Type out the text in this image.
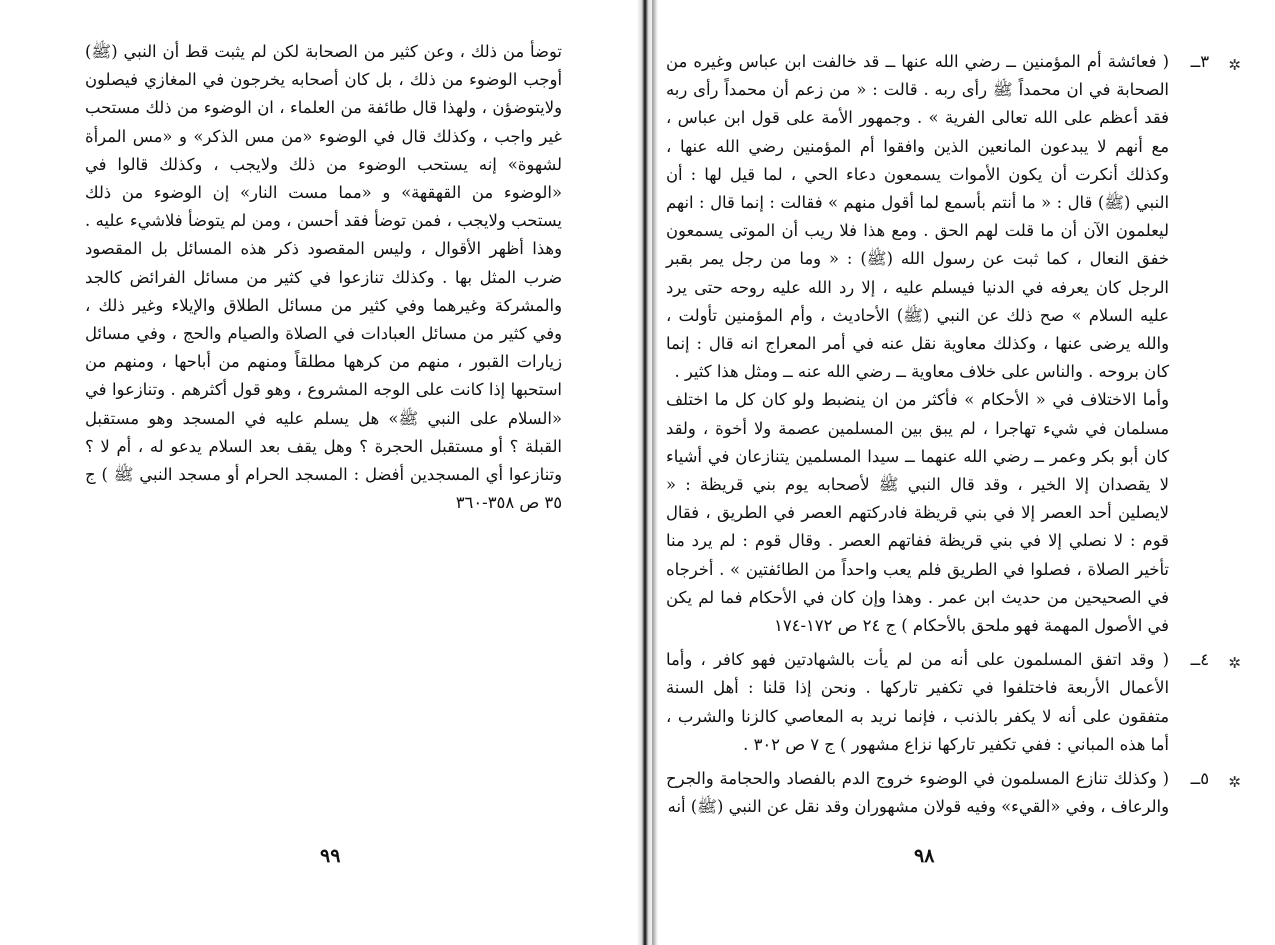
توضأ من ذلك ، وعن كثير من الصحابة لكن لم يثبت قط أن النبي (ﷺ) أوجب الوضوء من ذلك ، بل كان أصحابه يخرجون في المغازي فيصلون ولايتوضؤن ، ولهذا قال طائفة من العلماء ، ان الوضوء من ذلك مستحب غير واجب ، وكذلك قال في الوضوء «من مس الذكر» و «مس المرأة لشهوة» إنه يستحب الوضوء من ذلك ولايجب ، وكذلك قالوا في «الوضوء من القهقهة» و «مما مست النار» إن الوضوء من ذلك يستحب ولايجب ، فمن توضأ فقد أحسن ، ومن لم يتوضأ فلاشيء عليه . وهذا أظهر الأقوال ، وليس المقصود ذكر هذه المسائل بل المقصود ضرب المثل بها . وكذلك تنازعوا في كثير من مسائل الفرائض كالجد والمشركة وغيرهما وفي كثير من مسائل الطلاق والإيلاء وغير ذلك ، وفي كثير من مسائل العبادات في الصلاة والصيام والحج ، وفي مسائل زيارات القبور ، منهم من كرهها مطلقاً ومنهم من أباحها ، ومنهم من استحبها إذا كانت على الوجه المشروع ، وهو قول أكثرهم . وتنازعوا في «السلام على النبي ﷺ» هل يسلم عليه في المسجد وهو مستقبل القبلة ؟ أو مستقبل الحجرة ؟ وهل يقف بعد السلام يدعو له ، أم لا ؟ وتنازعوا أي المسجدين أفضل : المسجد الحرام أو مسجد النبي ﷺ ) ج ٣٥ ص ٣٥٨-٣٦٠

٩٩
✲
٣ــ

( فعائشة أم المؤمنين ــ رضي الله عنها ــ قد خالفت ابن عباس وغيره من الصحابة في ان محمداً ﷺ رأى ربه . قالت : « من زعم أن محمداً رأى ربه فقد أعظم على الله تعالى الفرية » . وجمهور الأمة على قول ابن عباس ، مع أنهم لا يبدعون المانعين الذين وافقوا أم المؤمنين رضي الله عنها ، وكذلك أنكرت أن يكون الأموات يسمعون دعاء الحي ، لما قيل لها : أن النبي (ﷺ) قال : « ما أنتم بأسمع لما أقول منهم » فقالت : إنما قال : انهم ليعلمون الآن أن ما قلت لهم الحق . ومع هذا فلا ريب أن الموتى يسمعون خفق النعال ، كما ثبت عن رسول الله (ﷺ) : « وما من رجل يمر بقبر الرجل كان يعرفه في الدنيا فيسلم عليه ، إلا رد الله عليه روحه حتى يرد عليه السلام » صح ذلك عن النبي (ﷺ) الأحاديث ، وأم المؤمنين تأولت ، والله يرضى عنها ، وكذلك معاوية نقل عنه في أمر المعراج انه قال : إنما كان بروحه . والناس على خلاف معاوية ــ رضي الله عنه ــ ومثل هذا كثير .

وأما الاختلاف في « الأحكام » فأكثر من ان ينضبط ولو كان كل ما اختلف مسلمان في شيء تهاجرا ، لم يبق بين المسلمين عصمة ولا أخوة ، ولقد كان أبو بكر وعمر ــ رضي الله عنهما ــ سيدا المسلمين يتنازعان في أشياء لا يقصدان إلا الخير ، وقد قال النبي ﷺ لأصحابه يوم بني قريظة : « لايصلين أحد العصر إلا في بني قريظة فادركتهم العصر في الطريق ، فقال قوم : لا نصلي إلا في بني قريظة ففاتهم العصر . وقال قوم : لم يرد منا تأخير الصلاة ، فصلوا في الطريق فلم يعب واحداً من الطائفتين » . أخرجاه في الصحيحين من حديث ابن عمر . وهذا وإن كان في الأحكام فما لم يكن في الأصول المهمة فهو ملحق بالأحكام ) ج ٢٤ ص ١٧٢-١٧٤

✲
٤ــ

( وقد اتفق المسلمون على أنه من لم يأت بالشهادتين فهو كافر ، وأما الأعمال الأربعة فاختلفوا في تكفير تاركها . ونحن إذا قلنا : أهل السنة متفقون على أنه لا يكفر بالذنب ، فإنما نريد به المعاصي كالزنا والشرب ، أما هذه المباني : ففي تكفير تاركها نزاع مشهور ) ج ٧ ص ٣٠٢ .

✲
٥ــ

( وكذلك تنازع المسلمون في الوضوء خروج الدم بالفصاد والحجامة والجرح والرعاف ، وفي «القيء» وفيه قولان مشهوران وقد نقل عن النبي (ﷺ) أنه

٩٨
